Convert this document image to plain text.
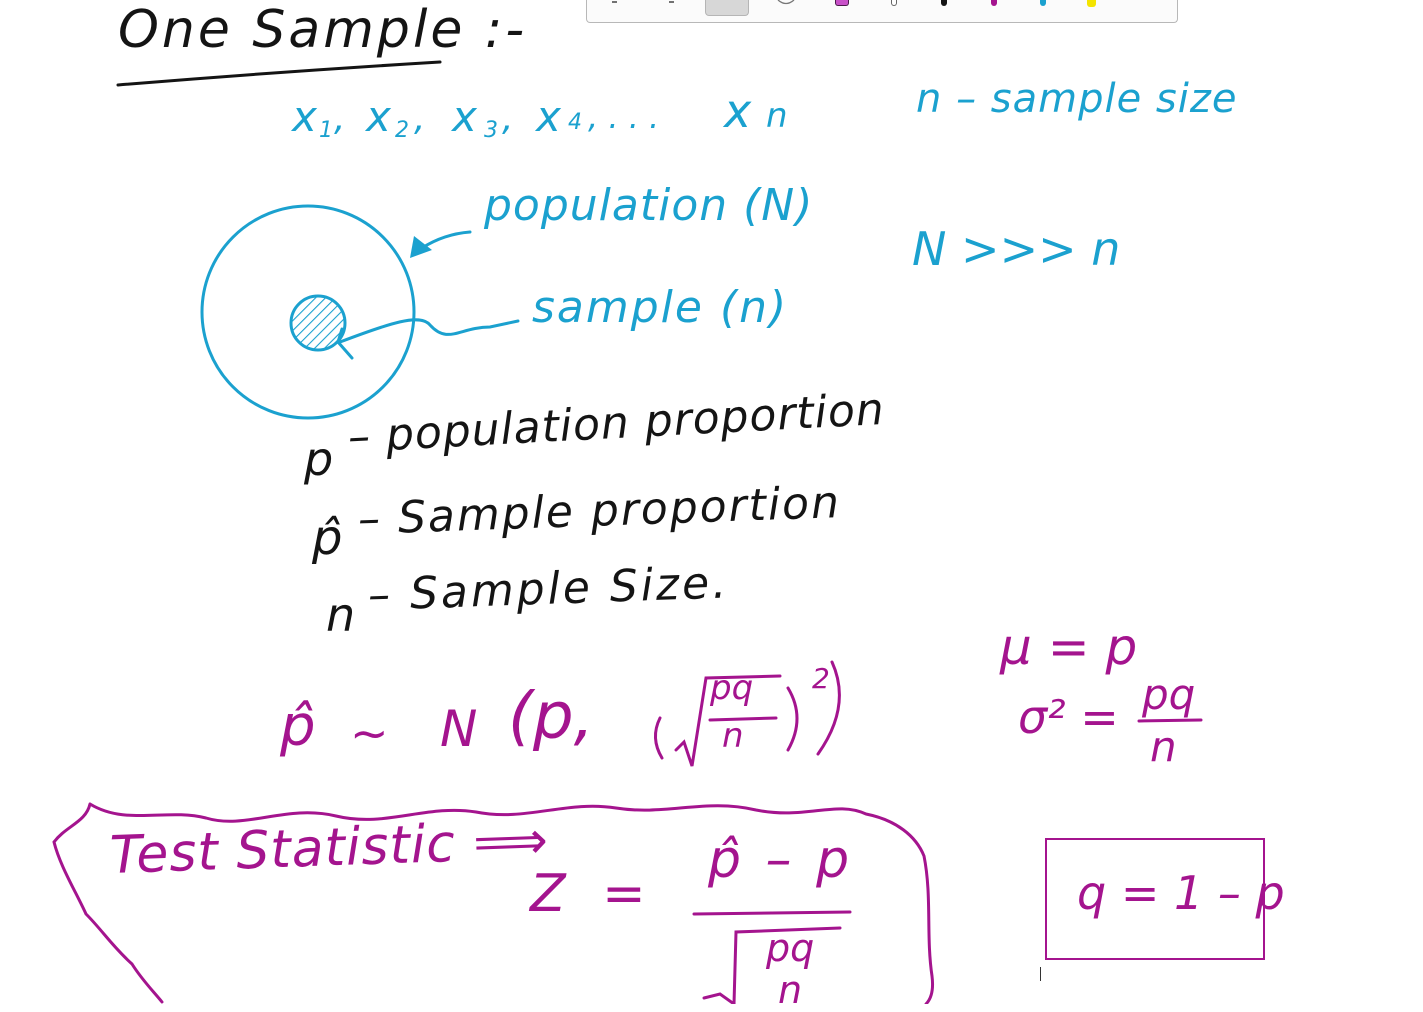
One Sample :-
x 1 , x 2 , x 3 , x 4 , . . . x n	n – sample size
population (N)
sample (n)
N >>> n
p – population proportion
p̂ – Sample proportion
n – Sample Size.
p̂ ~ N (p,	pq
n
2
μ = p
σ² = pq
n
Test Statistic ⟹
Z =
p̂ – p
pq
n
q = 1 – p
